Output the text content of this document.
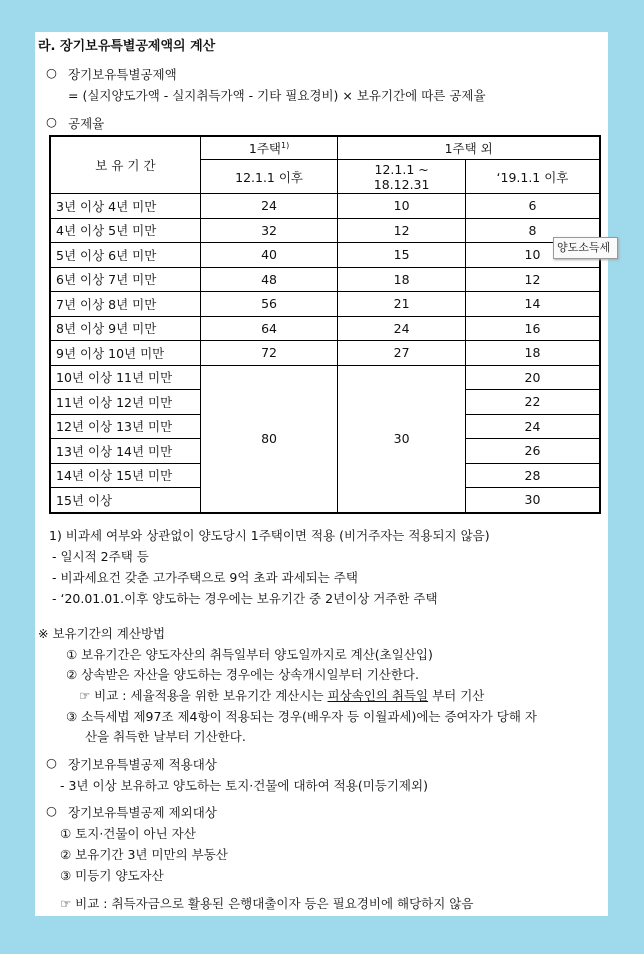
라. 장기보유특별공제액의 계산
○ 장기보유특별공제액
= (실지양도가액 - 실지취득가액 - 기타 필요경비) × 보유기간에 따른 공제율
○ 공제율
보 유 기 간	1주택$^{1)}$	1주택 외	
	12.1.1 이후	12.1.1 ~
18.12.31	‘19.1.1 이후
3년 이상 4년 미만	24	10	6
4년 이상 5년 미만	32	12	8
5년 이상 6년 미만	40	15	10
6년 이상 7년 미만	48	18	12
7년 이상 8년 미만	56	21	14
8년 이상 9년 미만	64	24	16
9년 이상 10년 미만	72	27	18
10년 이상 11년 미만	80	30	20
11년 이상 12년 미만			22
12년 이상 13년 미만			24
13년 이상 14년 미만			26
14년 이상 15년 미만			28
15년 이상			30
양도소득세
1) 비과세 여부와 상관없이 양도당시 1주택이면 적용 (비거주자는 적용되지 않음)
- 일시적 2주택 등
- 비과세요건 갖춘 고가주택으로 9억 초과 과세되는 주택
- ‘20.01.01.이후 양도하는 경우에는 보유기간 중 2년이상 거주한 주택
※ 보유기간의 계산방법
① 보유기간은 양도자산의 취득일부터 양도일까지로 계산(초일산입)
② 상속받은 자산을 양도하는 경우에는 상속개시일부터 기산한다.
☞ 비교 : 세율적용을 위한 보유기간 계산시는 피상속인의 취득일 부터 기산
③ 소득세법 제97조 제4항이 적용되는 경우(배우자 등 이월과세)에는 증여자가 당해 자
산을 취득한 날부터 기산한다.
○ 장기보유특별공제 적용대상
- 3년 이상 보유하고 양도하는 토지·건물에 대하여 적용(미등기제외)
○ 장기보유특별공제 제외대상
① 토지·건물이 아닌 자산
② 보유기간 3년 미만의 부동산
③ 미등기 양도자산
☞ 비교 : 취득자금으로 활용된 은행대출이자 등은 필요경비에 해당하지 않음
